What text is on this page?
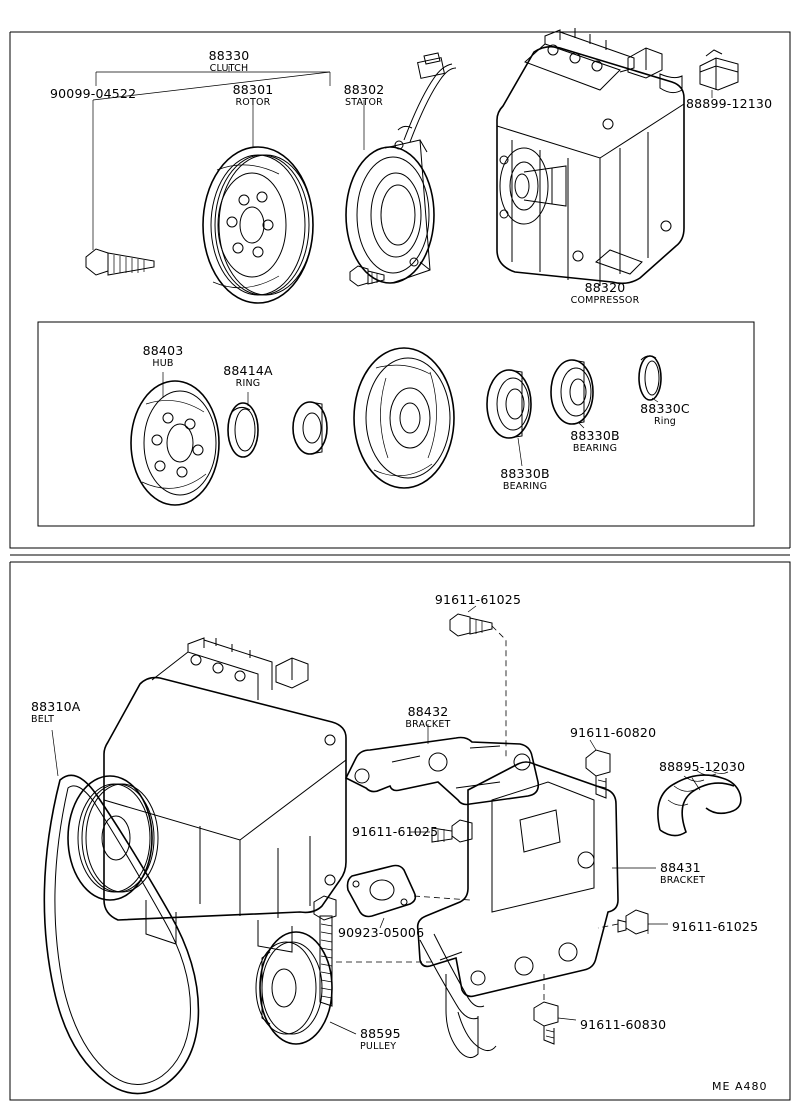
88330
CLUTCH
90099-04522	88301
ROTOR
88302
STATOR	88899-12130
88320
COMPRESSOR
88403
HUB	88414A
RING
88330B
BEARING
88330B
BEARING
88330C
Ring
91611-61025
88432
BRACKET
91611-60820
88895-12030
88310A
BELT
91611-61025
88431
BRACKET
91611-61025
90923-05006
88595
PULLEY
91611-60830
ME A480
